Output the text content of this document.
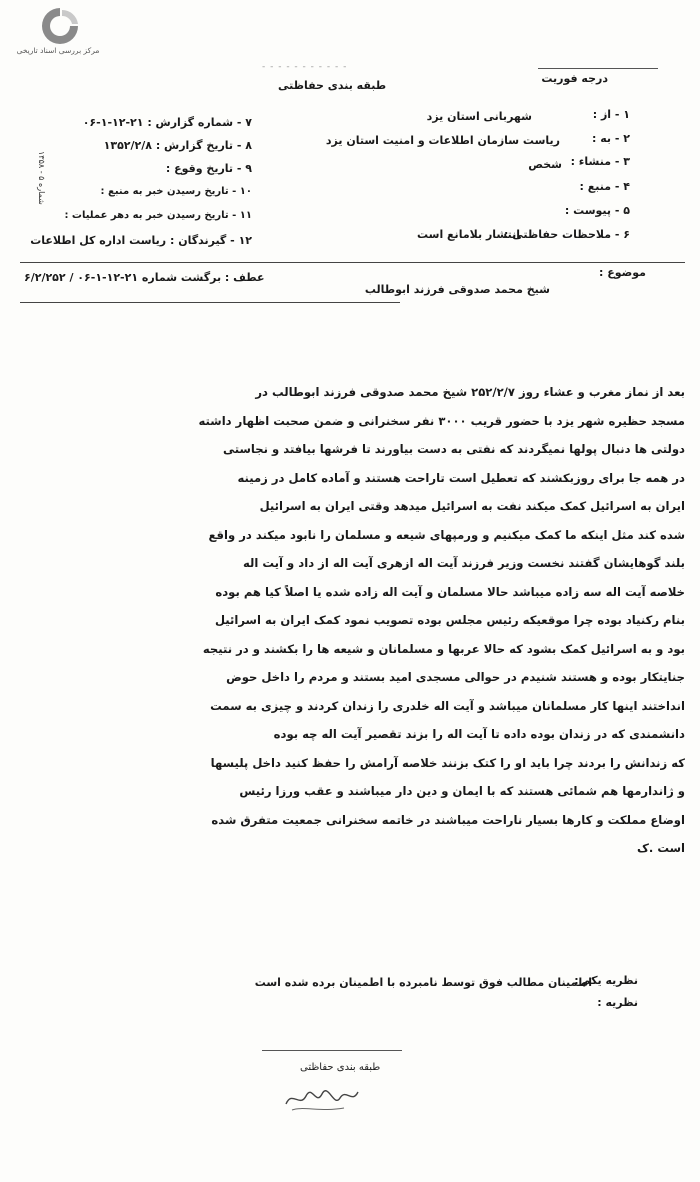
مرکز بررسی اسناد تاریخی
درجه فوریت
- - - - - - - - - - -
طبقه بندی حفاظتی
۱ - از :
شهربانی استان یزد
۲ - به :
ریاست سازمان اطلاعات و امنیت استان یزد
۳ - منشاء :
شخص
۴ - منبع :
۵ - پیوست :
۶ - ملاحظات حفاظتی :
انتشار بلامانع است
۷ - شماره گزارش : ۲۱-۱۲-۱-۰۶
۸ - تاریخ گزارش : ۱۳۵۲/۲/۸
۹ - تاریخ وقوع :
۱۰ - تاریخ رسیدن خبر به منبع :
۱۱ - تاریخ رسیدن خبر به دهر عملیات :
۱۲ - گیرندگان : ریاست اداره کل اطلاعات
شماره ۵ - ۱۳۵۸
موضوع :
شیخ محمد صدوقی فرزند ابوطالب
عطف : برگشت شماره ۲۱-۱۲-۱-۰۶ / ۶/۲/۲۵۲

بعد از نماز مغرب و عشاء روز ۲۵۲/۲/۷ شیخ محمد صدوقی فرزند ابوطالب در

مسجد حظیره شهر یزد با حضور قریب ۳۰۰۰ نفر سخنرانی و ضمن صحبت اظهار داشته

دولتی ها دنبال پولها نمیگردند که نفتی به دست بیاورند تا فرشها بیافتد و نجاستی

در همه جا برای روزبکشند که تعطیل است تاراحت هستند و آماده کامل در زمینه

ایران به اسرائیل کمک میکند نفت به اسرائیل میدهد وقتی ایران به اسرائیل

شده کند مثل اینکه ما کمک میکنیم و ورمپهای شیعه و مسلمان را نابود میکند در واقع

بلند گوهایشان گفتند نخست وزیر فرزند آیت اله ازهری آیت اله از داد و آیت اله

خلاصه آیت اله سه زاده میباشد حالا مسلمان و آیت اله زاده شده یا اصلاً کیا هم بوده

بنام رکنیاد بوده چرا موقعیکه رئیس مجلس بوده تصویب نمود کمک ایران به اسرائیل

بود و به اسرائیل کمک بشود که حالا عربها و مسلمانان و شیعه ها را بکشند و در نتیجه

جنایتکار بوده و هستند شنیدم در حوالی مسجدی امید بستند و مردم را داخل حوض

انداختند اینها کار مسلمانان میباشد و آیت اله خلدری را زندان کردند و چیزی به سمت

دانشمندی که در زندان بوده داده تا آیت اله را بزند تقصیر آیت اله چه بوده

که زندانش را بردند چرا باید او را کتک بزنند خلاصه آرامش را حفظ کنید داخل پلیسها

و ژاندارمها هم شمائی هستند که با ایمان و دین دار میباشند و عقب ورزا رئیس

اوضاع مملکت و کارها بسیار ناراحت میباشند در خاتمه سخنرانی جمعیت متفرق شده

است .ک

نظریه یکم :
اطمینان مطالب فوق توسط نامبرده با اطمینان برده شده است
نظریه :
طبقه بندی حفاظتی
